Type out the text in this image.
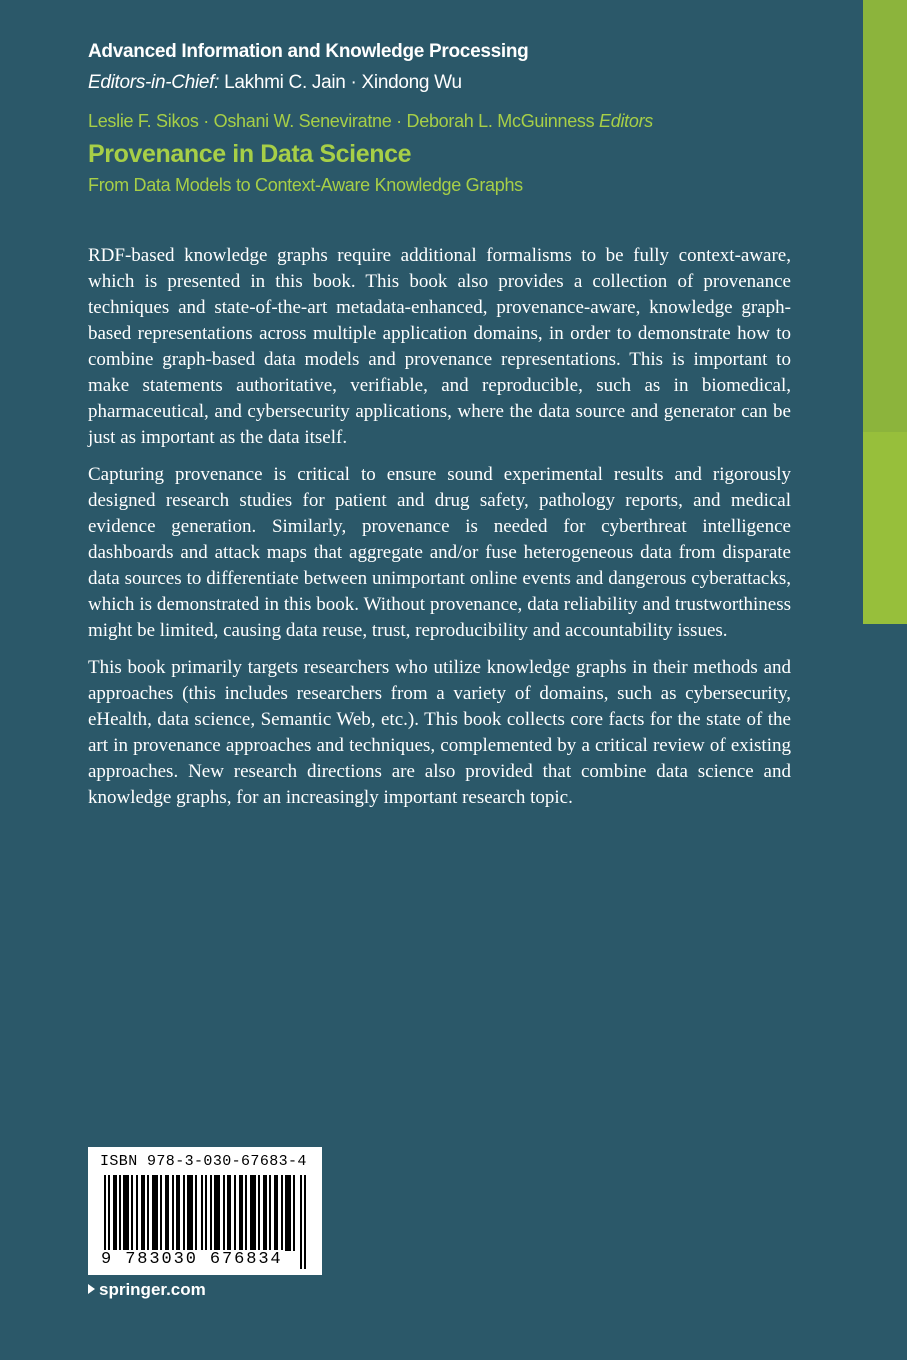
Advanced Information and Knowledge Processing
Editors-in-Chief: Lakhmi C. Jain · Xindong Wu
Leslie F. Sikos · Oshani W. Seneviratne · Deborah L. McGuinness Editors
Provenance in Data Science
From Data Models to Context-Aware Knowledge Graphs

RDF-based knowledge graphs require additional formalisms to be fully context-aware, which is presented in this book. This book also provides a collection of provenance techniques and state-of-the-art metadata-enhanced, provenance-aware, knowledge graph-based representations across multiple application domains, in order to demonstrate how to combine graph-based data models and provenance representations. This is important to make statements authoritative, verifiable, and reproducible, such as in biomedical, pharmaceutical, and cybersecurity applications, where the data source and generator can be just as important as the data itself.

Capturing provenance is critical to ensure sound experimental results and rigorously designed research studies for patient and drug safety, pathology reports, and medical evidence generation. Similarly, provenance is needed for cyberthreat intelligence dashboards and attack maps that aggregate and/or fuse heterogeneous data from disparate data sources to differentiate between unimportant online events and dangerous cyberattacks, which is demonstrated in this book. Without provenance, data reliability and trustworthiness might be limited, causing data reuse, trust, reproducibility and accountability issues.

This book primarily targets researchers who utilize knowledge graphs in their methods and approaches (this includes researchers from a variety of domains, such as cybersecurity, eHealth, data science, Semantic Web, etc.). This book collects core facts for the state of the art in provenance approaches and techniques, complemented by a critical review of existing approaches. New research directions are also provided that combine data science and knowledge graphs, for an increasingly important research topic.

ISBN 978-3-030-67683-4
9 783030 676834
springer.com
